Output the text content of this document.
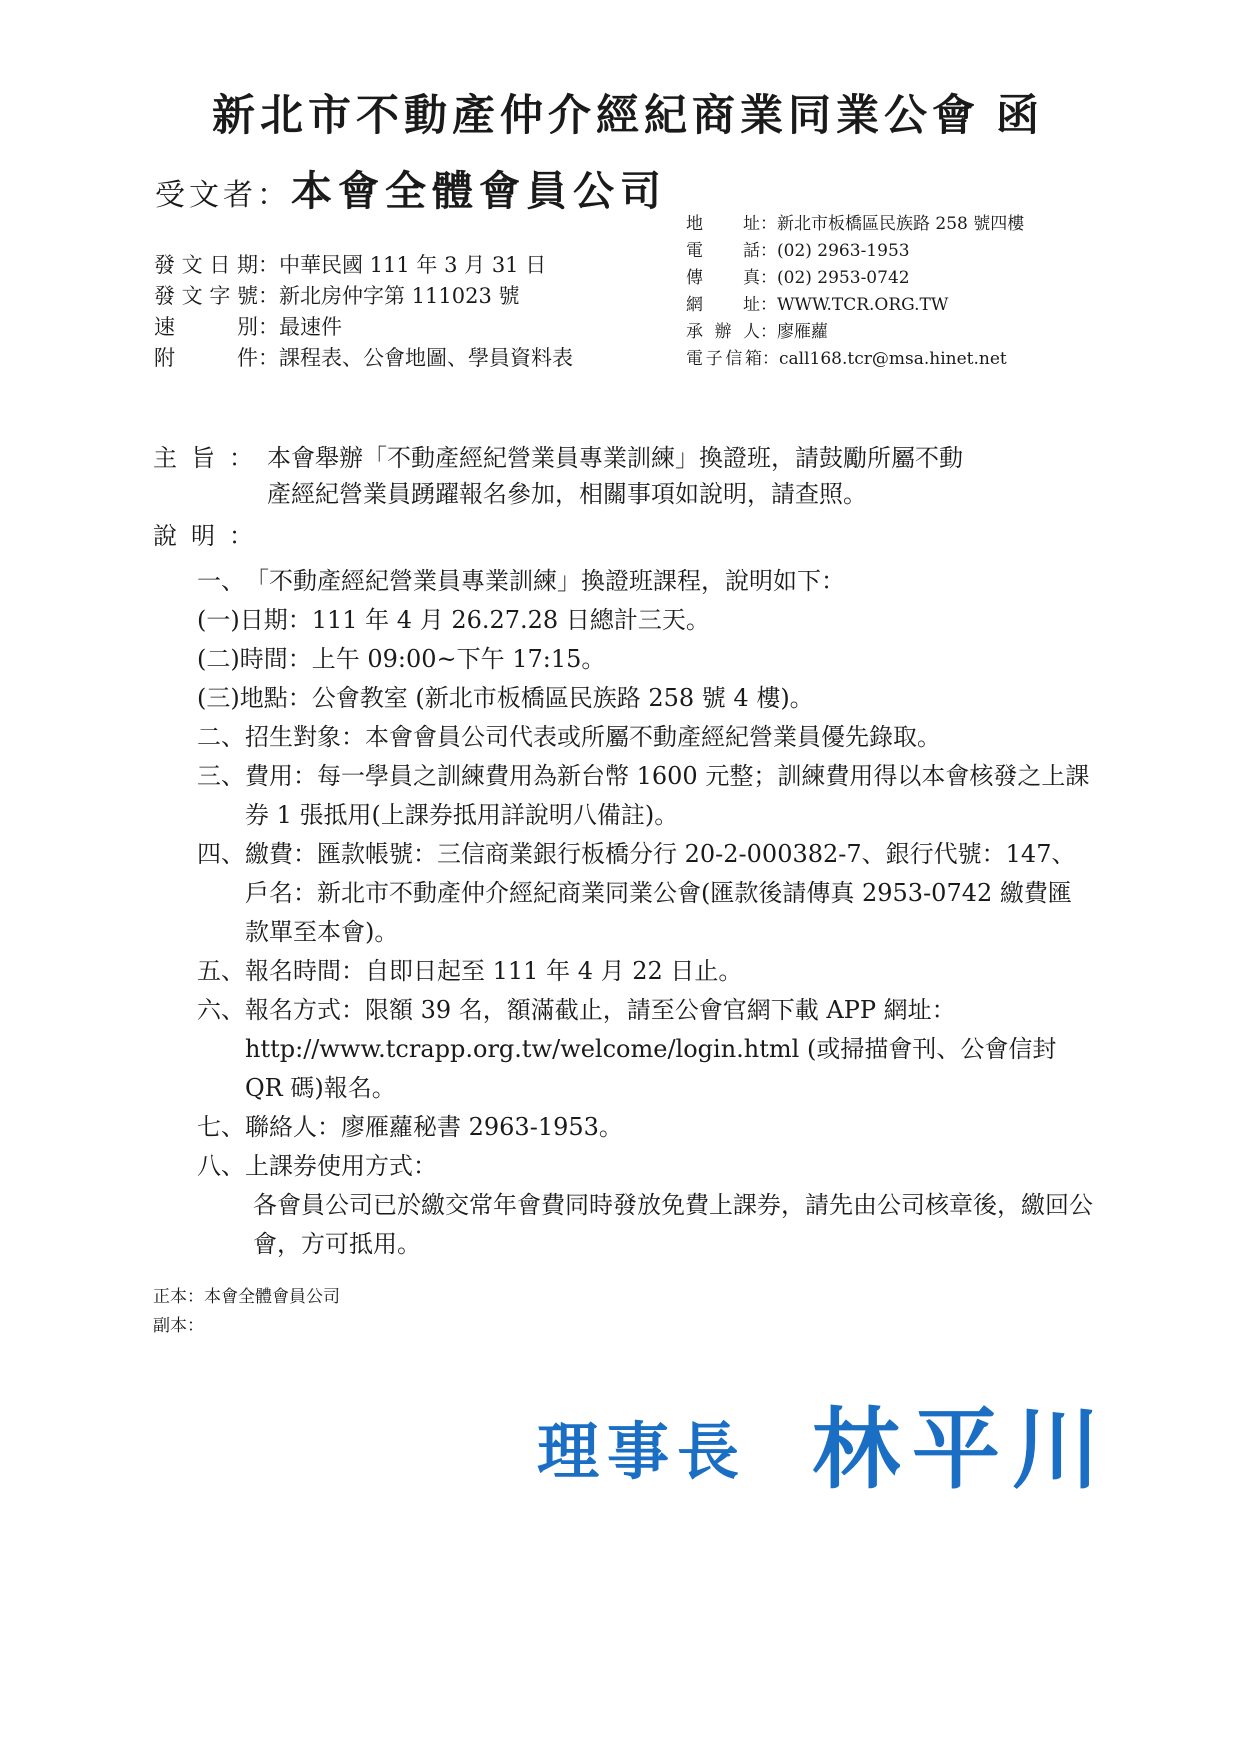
新北市不動產仲介經紀商業同業公會 函
受文者：本會全體會員公司
地址：新北市板橋區民族路 258 號四樓
電話：(02) 2963-1953
傳真：(02) 2953-0742
網址：WWW.TCR.ORG.TW
承辦人：廖雁蘿
電子信箱：call168.tcr@msa.hinet.net
發文日期：中華民國 111 年 3 月 31 日
發文字號：新北房仲字第 111023 號
速別：最速件
附件：課程表、公會地圖、學員資料表
主旨： 本會舉辦「不動產經紀營業員專業訓練」換證班，請鼓勵所屬不動
產經紀營業員踴躍報名參加，相關事項如說明，請查照。
說明：
一、 「不動產經紀營業員專業訓練」換證班課程，說明如下：
(一) 日期：111 年 4 月 26.27.28 日總計三天。
(二) 時間：上午 09:00~下午 17:15。
(三) 地點：公會教室 (新北市板橋區民族路 258 號 4 樓)。
二、 招生對象：本會會員公司代表或所屬不動產經紀營業員優先錄取。
三、 費用：每一學員之訓練費用為新台幣 1600 元整；訓練費用得以本會核發之上課券 1 張抵用(上課券抵用詳說明八備註)。
四、 繳費：匯款帳號：三信商業銀行板橋分行 20-2-000382-7、銀行代號：147、戶名：新北市不動產仲介經紀商業同業公會(匯款後請傳真 2953-0742 繳費匯款單至本會)。
五、 報名時間：自即日起至 111 年 4 月 22 日止。
六、 報名方式：限額 39 名，額滿截止，請至公會官網下載 APP 網址：http://www.tcrapp.org.tw/welcome/login.html (或掃描會刊、公會信封 QR 碼)報名。
七、 聯絡人：廖雁蘿秘書 2963-1953。
八、 上課券使用方式：
各會員公司已於繳交常年會費同時發放免費上課券，請先由公司核章後，繳回公會，方可抵用。
正本：本會全體會員公司
副本：
理事長 林平川
